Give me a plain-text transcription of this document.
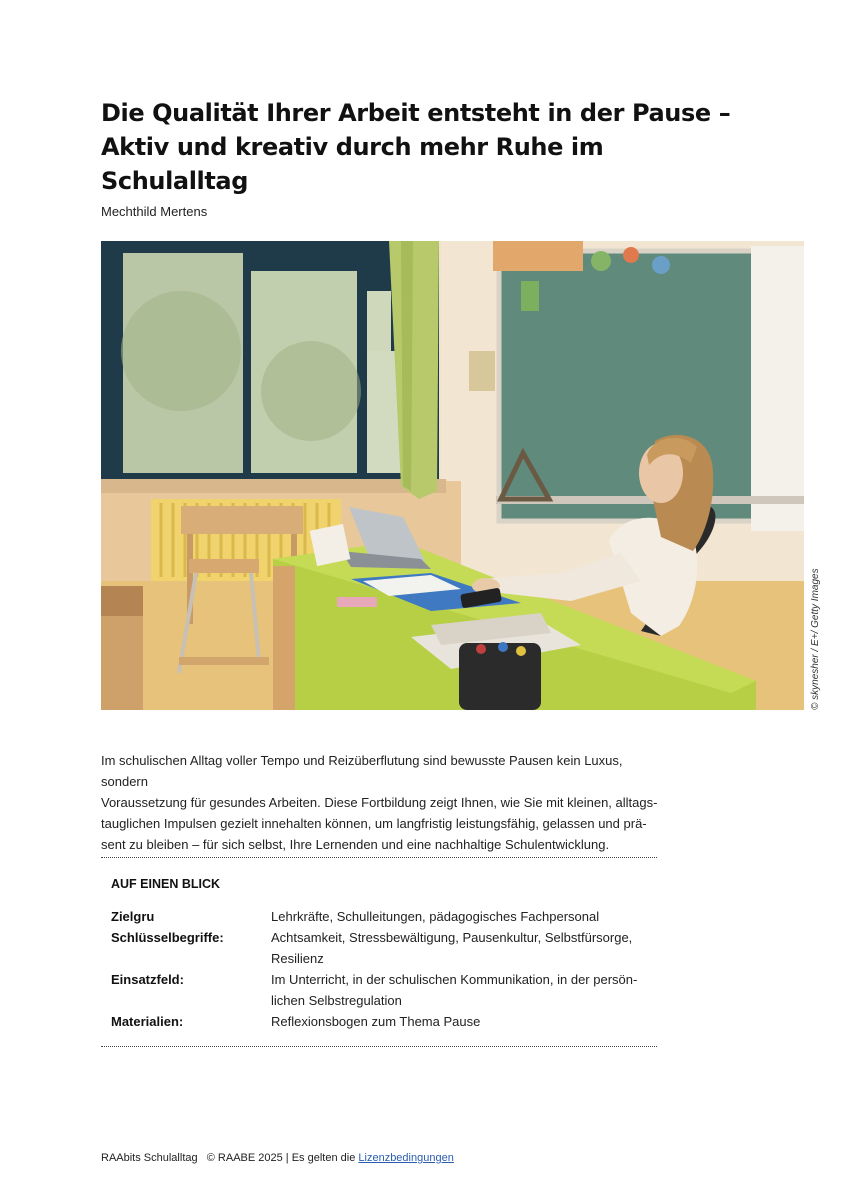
Die Qualität Ihrer Arbeit entsteht in der Pause –
Aktiv und kreativ durch mehr Ruhe im Schulalltag
Mechthild Mertens
© skynesher / E+/ Getty Images
Im schulischen Alltag voller Tempo und Reizüberflutung sind bewusste Pausen kein Luxus, sondern
Voraussetzung für gesundes Arbeiten. Diese Fortbildung zeigt Ihnen, wie Sie mit kleinen, alltags-
tauglichen Impulsen gezielt innehalten können, um langfristig leistungsfähig, gelassen und prä-
sent zu bleiben – für sich selbst, Ihre Lernenden und eine nachhaltige Schulentwicklung.
AUF EINEN BLICK
Zielgru	Lehrkräfte, Schulleitungen, pädagogisches Fachpersonal
Schlüsselbegriffe:	Achtsamkeit, Stressbewältigung, Pausenkultur, Selbstfürsorge,
Resilienz
Einsatzfeld:	Im Unterricht, in der schulischen Kommunikation, in der persön-
lichen Selbstregulation
Materialien:	Reflexionsbogen zum Thema Pause
RAAbits Schulalltag   © RAABE 2025 | Es gelten die Lizenzbedingungen
